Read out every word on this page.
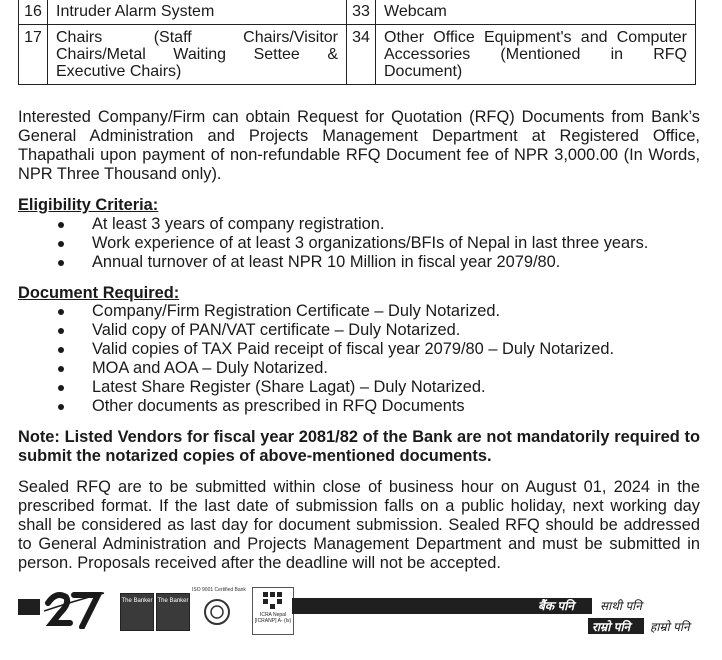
16	Intruder Alarm System	33	Webcam
17	Chairs (Staff Chairs/Visitor Chairs/Metal Waiting Settee & Executive Chairs)	34	Other Office Equipment's and Computer Accessories (Mentioned in RFQ Document)

Interested Company/Firm can obtain Request for Quotation (RFQ) Documents from Bank’s General Administration and Projects Management Department at Registered Office, Thapathali upon payment of non-refundable RFQ Document fee of NPR 3,000.00 (In Words, NPR Three Thousand only).

Eligibility Criteria:

At least 3 years of company registration.
Work experience of at least 3 organizations/BFIs of Nepal in last three years.
Annual turnover of at least NPR 10 Million in fiscal year 2079/80.

Document Required:

Company/Firm Registration Certificate – Duly Notarized.
Valid copy of PAN/VAT certificate – Duly Notarized.
Valid copies of TAX Paid receipt of fiscal year 2079/80 – Duly Notarized.
MOA and AOA – Duly Notarized.
Latest Share Register (Share Lagat) – Duly Notarized.
Other documents as prescribed in RFQ Documents

Note: Listed Vendors for fiscal year 2081/82 of the Bank are not mandatorily required to submit the notarized copies of above-mentioned documents.

Sealed RFQ are to be submitted within close of business hour on August 01, 2024 in the prescribed format. If the last date of submission falls on a public holiday, next working day shall be considered as last day for document submission. Sealed RFQ should be addressed to General Administration and Projects Management Department and must be submitted in person. Proposals received after the deadline will not be accepted.

The Banker The Banker
ISO 9001 Certified Bank
ICRA Nepal
[ICRANP] A- (Is)
बैंक पनि साथी पनि
राम्रो पनि हाम्रो पनि
